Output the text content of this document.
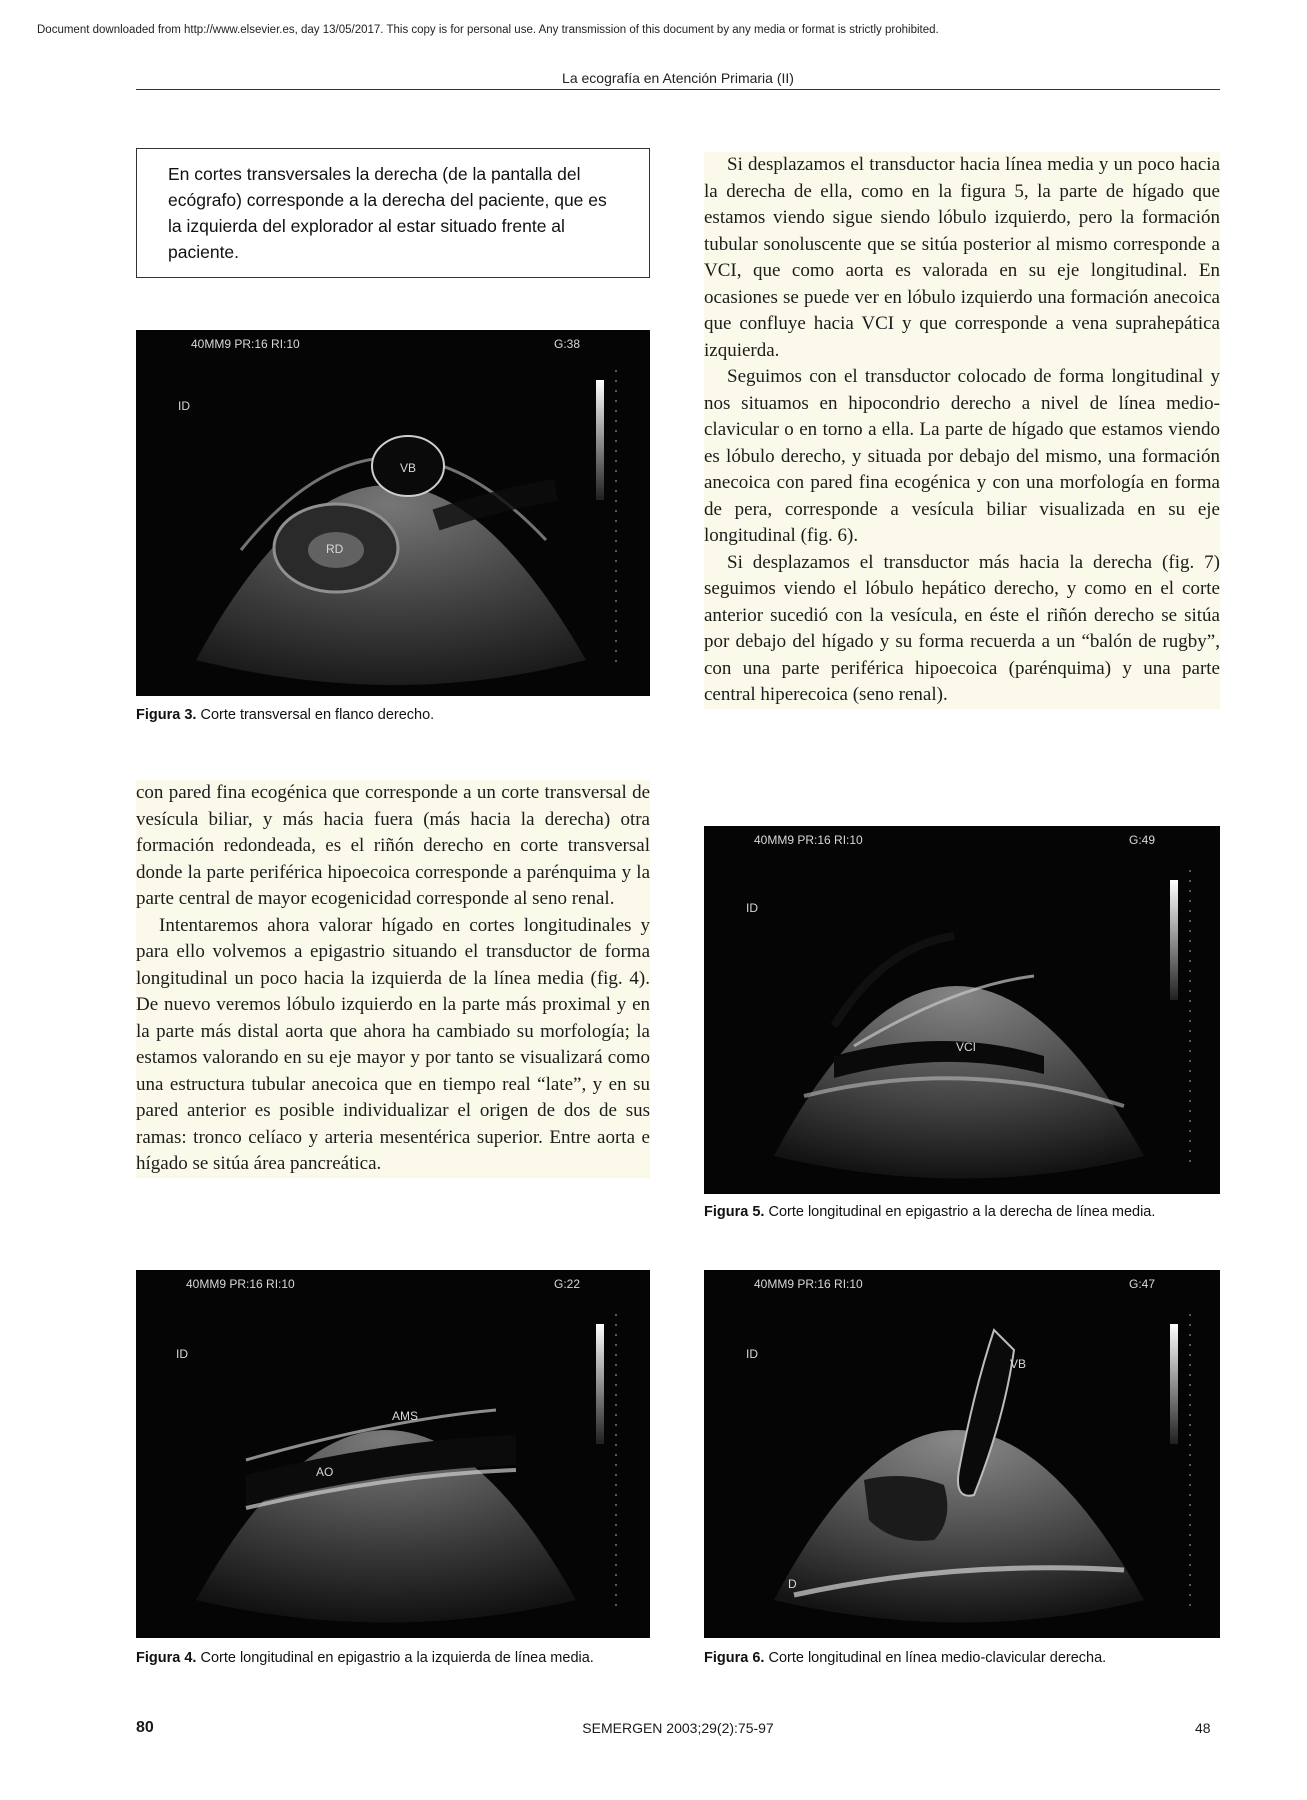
Document downloaded from http://www.elsevier.es, day 13/05/2017. This copy is for personal use. Any transmission of this document by any media or format is strictly prohibited.
La ecografía en Atención Primaria (II)
En cortes transversales la derecha (de la pantalla del ecógrafo) corresponde a la derecha del paciente, que es la izquierda del explorador al estar situado frente al paciente.
40MM9 PR:16 RI:10	G:38
ID
VB
RD
Figura 3. Corte transversal en flanco derecho.

Si desplazamos el transductor hacia línea media y un poco hacia la derecha de ella, como en la figura 5, la parte de hígado que estamos viendo sigue siendo lóbulo izquierdo, pero la formación tubular sonoluscente que se sitúa posterior al mismo corresponde a VCI, que como aorta es valorada en su eje longitudinal. En ocasiones se puede ver en lóbulo izquierdo una formación anecoica que confluye hacia VCI y que corresponde a vena suprahepática izquierda.

Seguimos con el transductor colocado de forma longitudinal y nos situamos en hipocondrio derecho a nivel de línea medio-clavicular o en torno a ella. La parte de hígado que estamos viendo es lóbulo derecho, y situada por debajo del mismo, una formación anecoica con pared fina ecogénica y con una morfología en forma de pera, corresponde a vesícula biliar visualizada en su eje longitudinal (fig. 6).

Si desplazamos el transductor más hacia la derecha (fig. 7) seguimos viendo el lóbulo hepático derecho, y como en el corte anterior sucedió con la vesícula, en éste el riñón derecho se sitúa por debajo del hígado y su forma recuerda a un “balón de rugby”, con una parte periférica hipoecoica (parénquima) y una parte central hiperecoica (seno renal).

con pared fina ecogénica que corresponde a un corte transversal de vesícula biliar, y más hacia fuera (más hacia la derecha) otra formación redondeada, es el riñón derecho en corte transversal donde la parte periférica hipoecoica corresponde a parénquima y la parte central de mayor ecogenicidad corresponde al seno renal.

Intentaremos ahora valorar hígado en cortes longitudinales y para ello volvemos a epigastrio situando el transductor de forma longitudinal un poco hacia la izquierda de la línea media (fig. 4). De nuevo veremos lóbulo izquierdo en la parte más proximal y en la parte más distal aorta que ahora ha cambiado su morfología; la estamos valorando en su eje mayor y por tanto se visualizará como una estructura tubular anecoica que en tiempo real “late”, y en su pared anterior es posible individualizar el origen de dos de sus ramas: tronco celíaco y arteria mesentérica superior. Entre aorta e hígado se sitúa área pancreática.

40MM9 PR:16 RI:10	G:49
ID
VCI
Figura 5. Corte longitudinal en epigastrio a la derecha de línea media.
40MM9 PR:16 RI:10	G:22
ID
AMS
AO
Figura 4. Corte longitudinal en epigastrio a la izquierda de línea media.
40MM9 PR:16 RI:10	G:47
ID
VB
D
Figura 6. Corte longitudinal en línea medio-clavicular derecha.
80	SEMERGEN 2003;29(2):75-97	48
